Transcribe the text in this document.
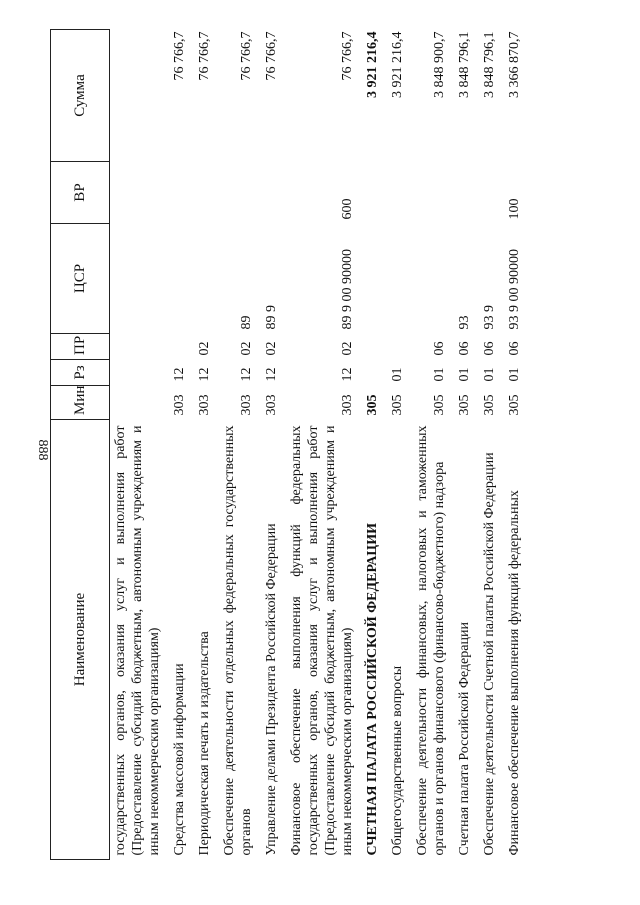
888
Наименование	Мин	Рз	ПР	ЦСР	ВР	Сумма
государственных органов, оказания услуг и выполнения работ (Предоставление субсидий бюджетным, автономным учреждениям и иным некоммерческим организациям)						
Средства массовой информации	303	12				76 766,7
Периодическая печать и издательства	303	12	02			76 766,7
Обеспечение деятельности отдельных федеральных государственных органов	303	12	02	89		76 766,7
Управление делами Президента Российской Федерации	303	12	02	89 9		76 766,7
Финансовое обеспечение выполнения функций федеральных государственных органов, оказания услуг и выполнения работ (Предоставление субсидий бюджетным, автономным учреждениям и иным некоммерческим организациям)	303	12	02	89 9 00 90000	600	76 766,7
СЧЕТНАЯ ПАЛАТА РОССИЙСКОЙ ФЕДЕРАЦИИ	305					3 921 216,4
Общегосударственные вопросы	305	01				3 921 216,4
Обеспечение деятельности финансовых, налоговых и таможенных органов и органов финансового (финансово-бюджетного) надзора	305	01	06			3 848 900,7
Счетная палата Российской Федерации	305	01	06	93		3 848 796,1
Обеспечение деятельности Счетной палаты Российской Федерации	305	01	06	93 9		3 848 796,1
Финансовое обеспечение выполнения функций федеральных	305	01	06	93 9 00 90000	100	3 366 870,7
